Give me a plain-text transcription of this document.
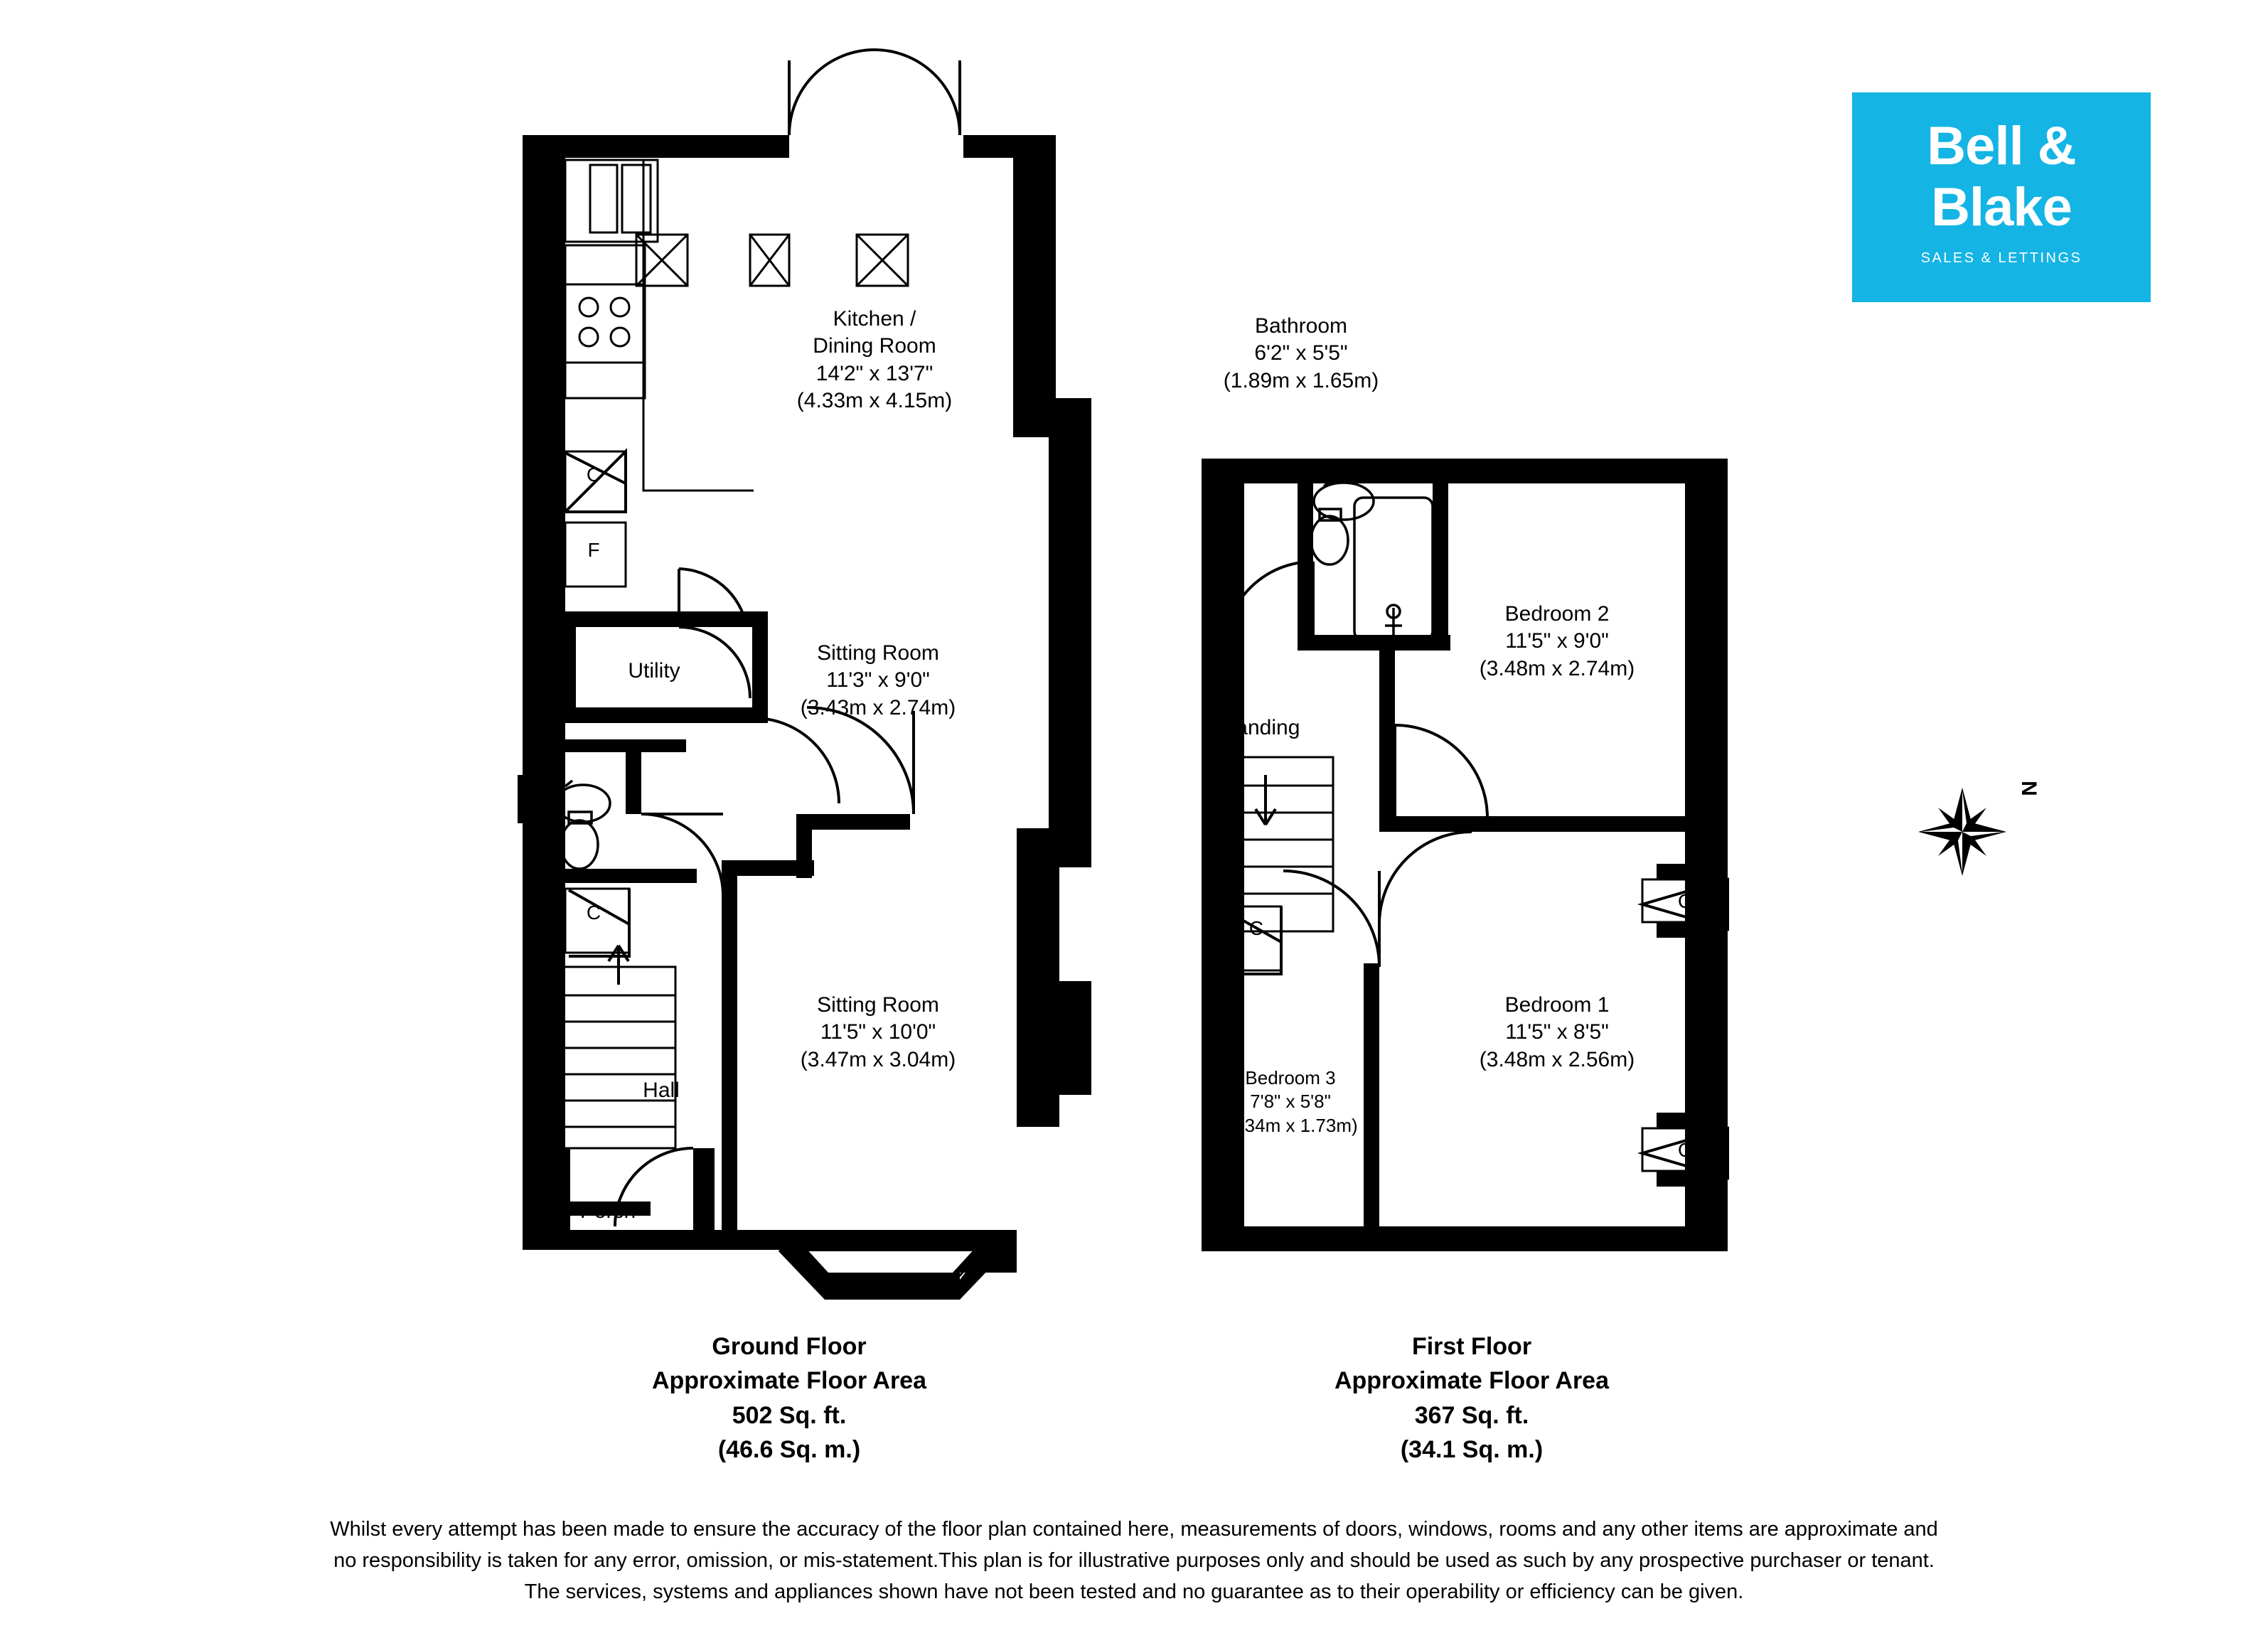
Kitchen /
Dining Room
14'2" x 13'7"
(4.33m x 4.15m)
Sitting Room
11'3" x 9'0"
(3.43m x 2.74m)
Sitting Room
11'5" x 10'0"
(3.47m x 3.04m)
Utility
Hall
Porch
C
F
C
Bathroom
6'2" x 5'5"
(1.89m x 1.65m)
Bedroom 2
11'5" x 9'0"
(3.48m x 2.74m)
Bedroom 1
11'5" x 8'5"
(3.48m x 2.56m)
Bedroom 3
7'8" x 5'8"
(2.34m x 1.73m)
Landing
C
C
C
Ground Floor
Approximate Floor Area
502 Sq. ft.
(46.6 Sq. m.)
First Floor
Approximate Floor Area
367 Sq. ft.
(34.1 Sq. m.)
Whilst every attempt has been made to ensure the accuracy of the floor plan contained here, measurements of doors, windows, rooms and any other items are approximate and
no responsibility is taken for any error, omission, or mis-statement.This plan is for illustrative purposes only and should be used as such by any prospective purchaser or tenant.
The services, systems and appliances shown have not been tested and no guarantee as to their operability or efficiency can be given.
Bell &
Blake
SALES & LETTINGS
N
